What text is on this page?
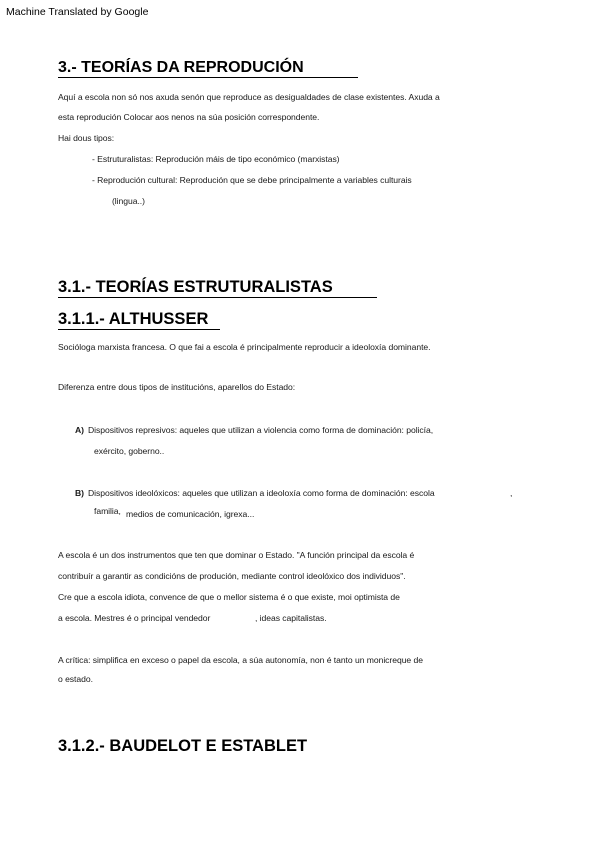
Machine Translated by Google
3.- TEORÍAS DA REPRODUCIÓN
Aquí a escola non só nos axuda senón que reproduce as desigualdades de clase existentes. Axuda a
esta reprodución Colocar aos nenos na súa posición correspondente.
Hai dous tipos:
- Estruturalistas: Reprodución máis de tipo económico (marxistas)
- Reprodución cultural: Reprodución que se debe principalmente a variables culturais
(lingua..)
3.1.- TEORÍAS ESTRUTURALISTAS
3.1.1.- ALTHUSSER
Socióloga marxista francesa. O que fai a escola é principalmente reproducir a ideoloxía dominante.
Diferenza entre dous tipos de institucións, aparellos do Estado:
A) Dispositivos represivos: aqueles que utilizan a violencia como forma de dominación: policía,
exército, goberno..
B) Dispositivos ideolóxicos: aqueles que utilizan a ideoloxía como forma de dominación: escola	,
familia, medios de comunicación, igrexa...
A escola é un dos instrumentos que ten que dominar o Estado. "A función principal da escola é
contribuír a garantir as condicións de produción, mediante control ideolóxico dos individuos".
Cre que a escola idiota, convence de que o mellor sistema é o que existe, moi optimista de
a escola. Mestres é o principal vendedor	, ideas capitalistas.
A crítica: simplifica en exceso o papel da escola, a súa autonomía, non é tanto un monicreque de
o estado.
3.1.2.- BAUDELOT E ESTABLET
